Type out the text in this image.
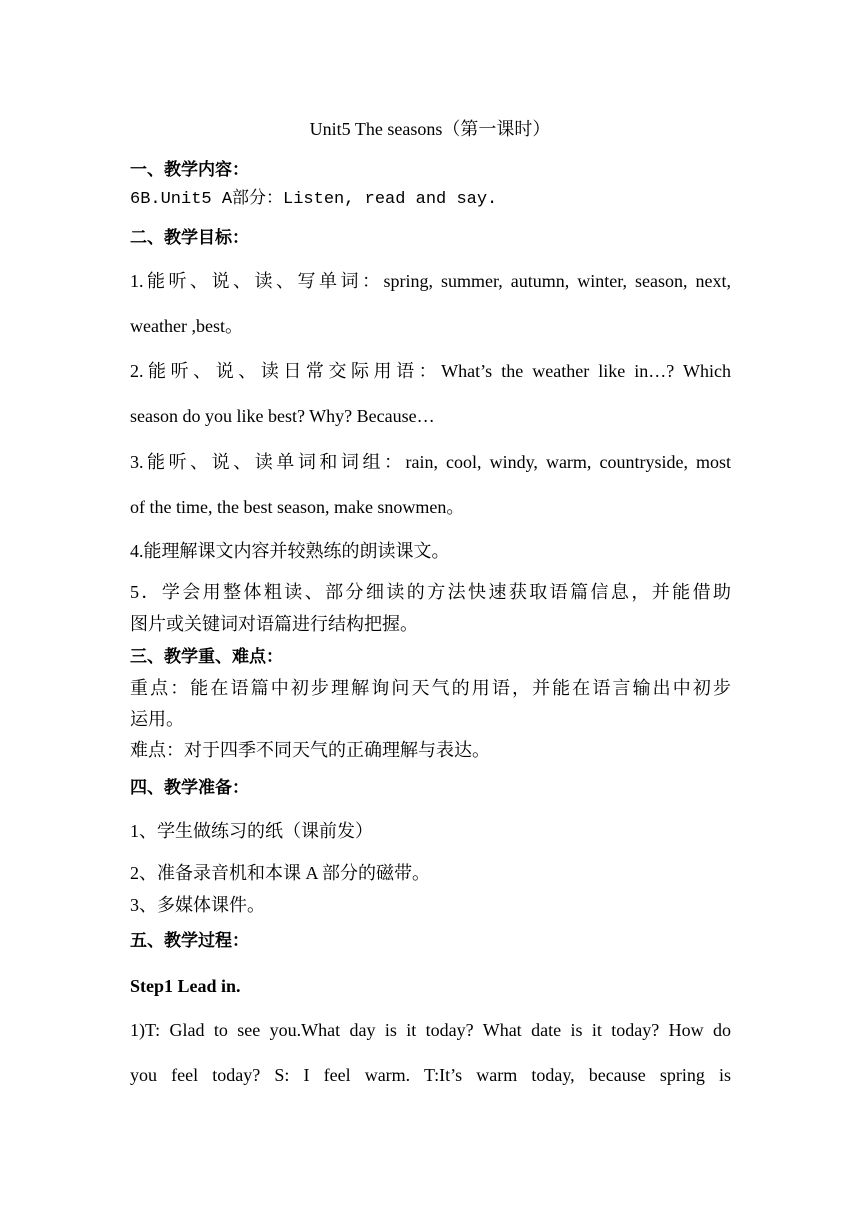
Unit5 The seasons（第一课时）
一、教学内容：
6B.Unit5 A部分：Listen, read and say.
二、教学目标：
1.能听、说、读、写单词：spring, summer, autumn, winter, season, next,
weather ,best。
2.能听、说、读日常交际用语：What’s the weather like in…? Which
season do you like best? Why? Because…
3.能听、说、读单词和词组：rain, cool, windy, warm, countryside, most
of the time, the best season, make snowmen。
4.能理解课文内容并较熟练的朗读课文。
5．学会用整体粗读、部分细读的方法快速获取语篇信息，并能借助
图片或关键词对语篇进行结构把握。
三、教学重、难点：
重点：能在语篇中初步理解询问天气的用语，并能在语言输出中初步
运用。
难点：对于四季不同天气的正确理解与表达。
四、教学准备：
1、学生做练习的纸（课前发）
2、准备录音机和本课 A 部分的磁带。
3、多媒体课件。
五、教学过程：
Step1 Lead in.
1)T: Glad to see you.What day is it today? What date is it today? How do
you feel today? S: I feel warm. T:It’s warm today, because spring is
